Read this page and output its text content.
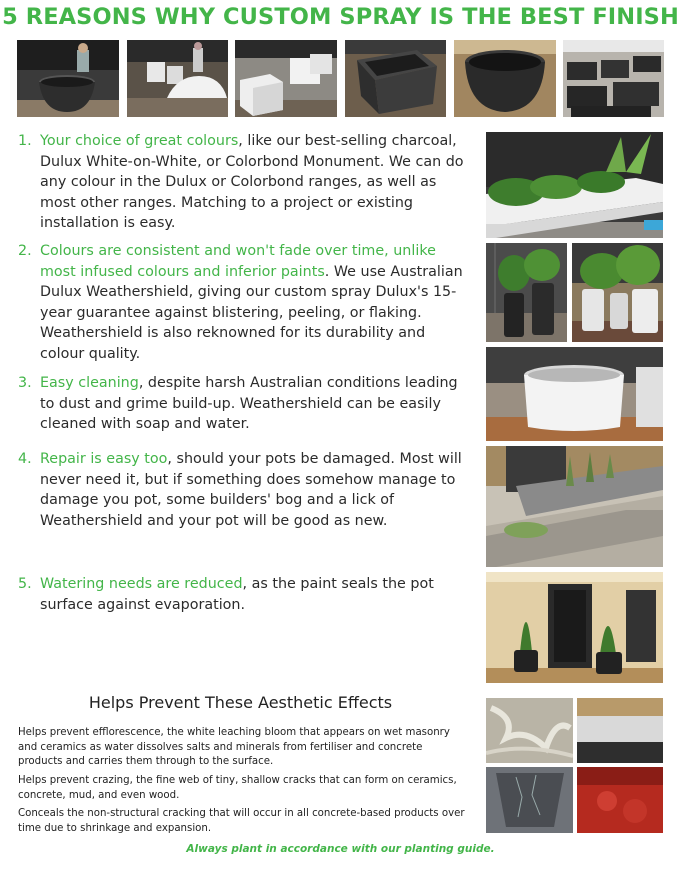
5 REASONS WHY CUSTOM SPRAY IS THE BEST FINISH
1. Your choice of great colours, like our best-selling charcoal, Dulux White-on-White, or Colorbond Monument. We can do any colour in the Dulux or Colorbond ranges, as well as most other ranges. Matching to a project or existing installation is easy.
2. Colours are consistent and won't fade over time, unlike most infused colours and inferior paints. We use Australian Dulux Weathershield, giving our custom spray Dulux's 15-year guarantee against blistering, peeling, or flaking. Weathershield is also reknowned for its durability and colour quality.
3. Easy cleaning, despite harsh Australian conditions leading to dust and grime build-up. Weathershield can be easily cleaned with soap and water.
4. Repair is easy too, should your pots be damaged. Most will never need it, but if something does somehow manage to damage you pot, some builders' bog and a lick of Weathershield and your pot will be good as new.
5. Watering needs are reduced, as the paint seals the pot surface against evaporation.
Helps Prevent These Aesthetic Effects
Helps prevent efflorescence, the white leaching bloom that appears on wet masonry and ceramics as water dissolves salts and minerals from fertiliser and concrete products and carries them through to the surface.
Helps prevent crazing, the fine web of tiny, shallow cracks that can form on ceramics, concrete, mud, and even wood.
Conceals the non-structural cracking that will occur in all concrete-based products over time due to shrinkage and expansion.
Always plant in accordance with our planting guide.
